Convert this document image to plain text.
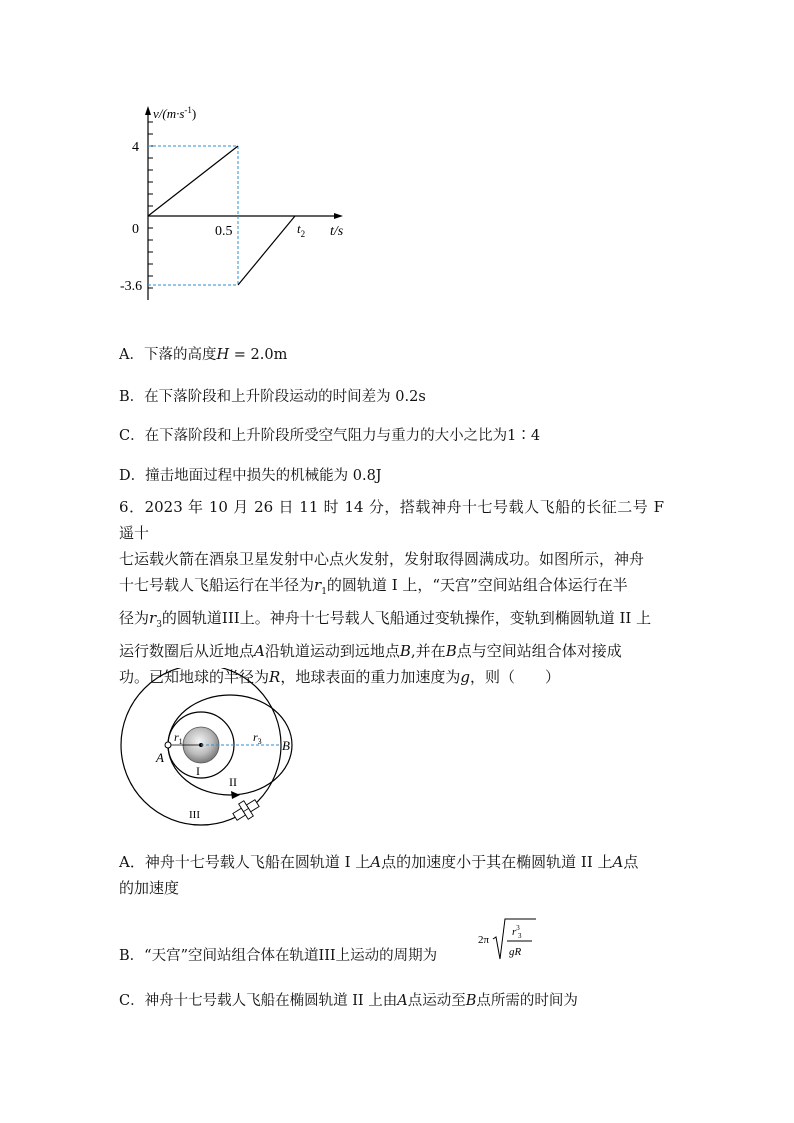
$v/(m\cdot s^{-1})$
4
0
-3.6
0.5	$t_2$ t/s
A．下落的高度H = 2.0m
B．在下落阶段和上升阶段运动的时间差为 0.2s
C．在下落阶段和上升阶段所受空气阻力与重力的大小之比为1∶4
D．撞击地面过程中损失的机械能为 0.8J
6．2023 年 10 月 26 日 11 时 14 分，搭载神舟十七号载人飞船的长征二号 F 遥十
七运载火箭在酒泉卫星发射中心点火发射，发射取得圆满成功。如图所示，神舟
十七号载人飞船运行在半径为$r_1$的圆轨道 I 上，“天宫”空间站组合体运行在半
径为$r_3$的圆轨道III上。神舟十七号载人飞船通过变轨操作，变轨到椭圆轨道 II 上
运行数圈后从近地点A沿轨道运动到远地点B,并在B点与空间站组合体对接成
功。已知地球的半径为R，地球表面的重力加速度为g，则（　　）
$r_1$	$r_3$
A
B
I
II
III
A．神舟十七号载人飞船在圆轨道 I 上A点的加速度小于其在椭圆轨道 II 上A点
的加速度
B．“天宫”空间站组合体在轨道III上运动的周期为
2π
$r^3$
3
gR
C．神舟十七号载人飞船在椭圆轨道 II 上由A点运动至B点所需的时间为
